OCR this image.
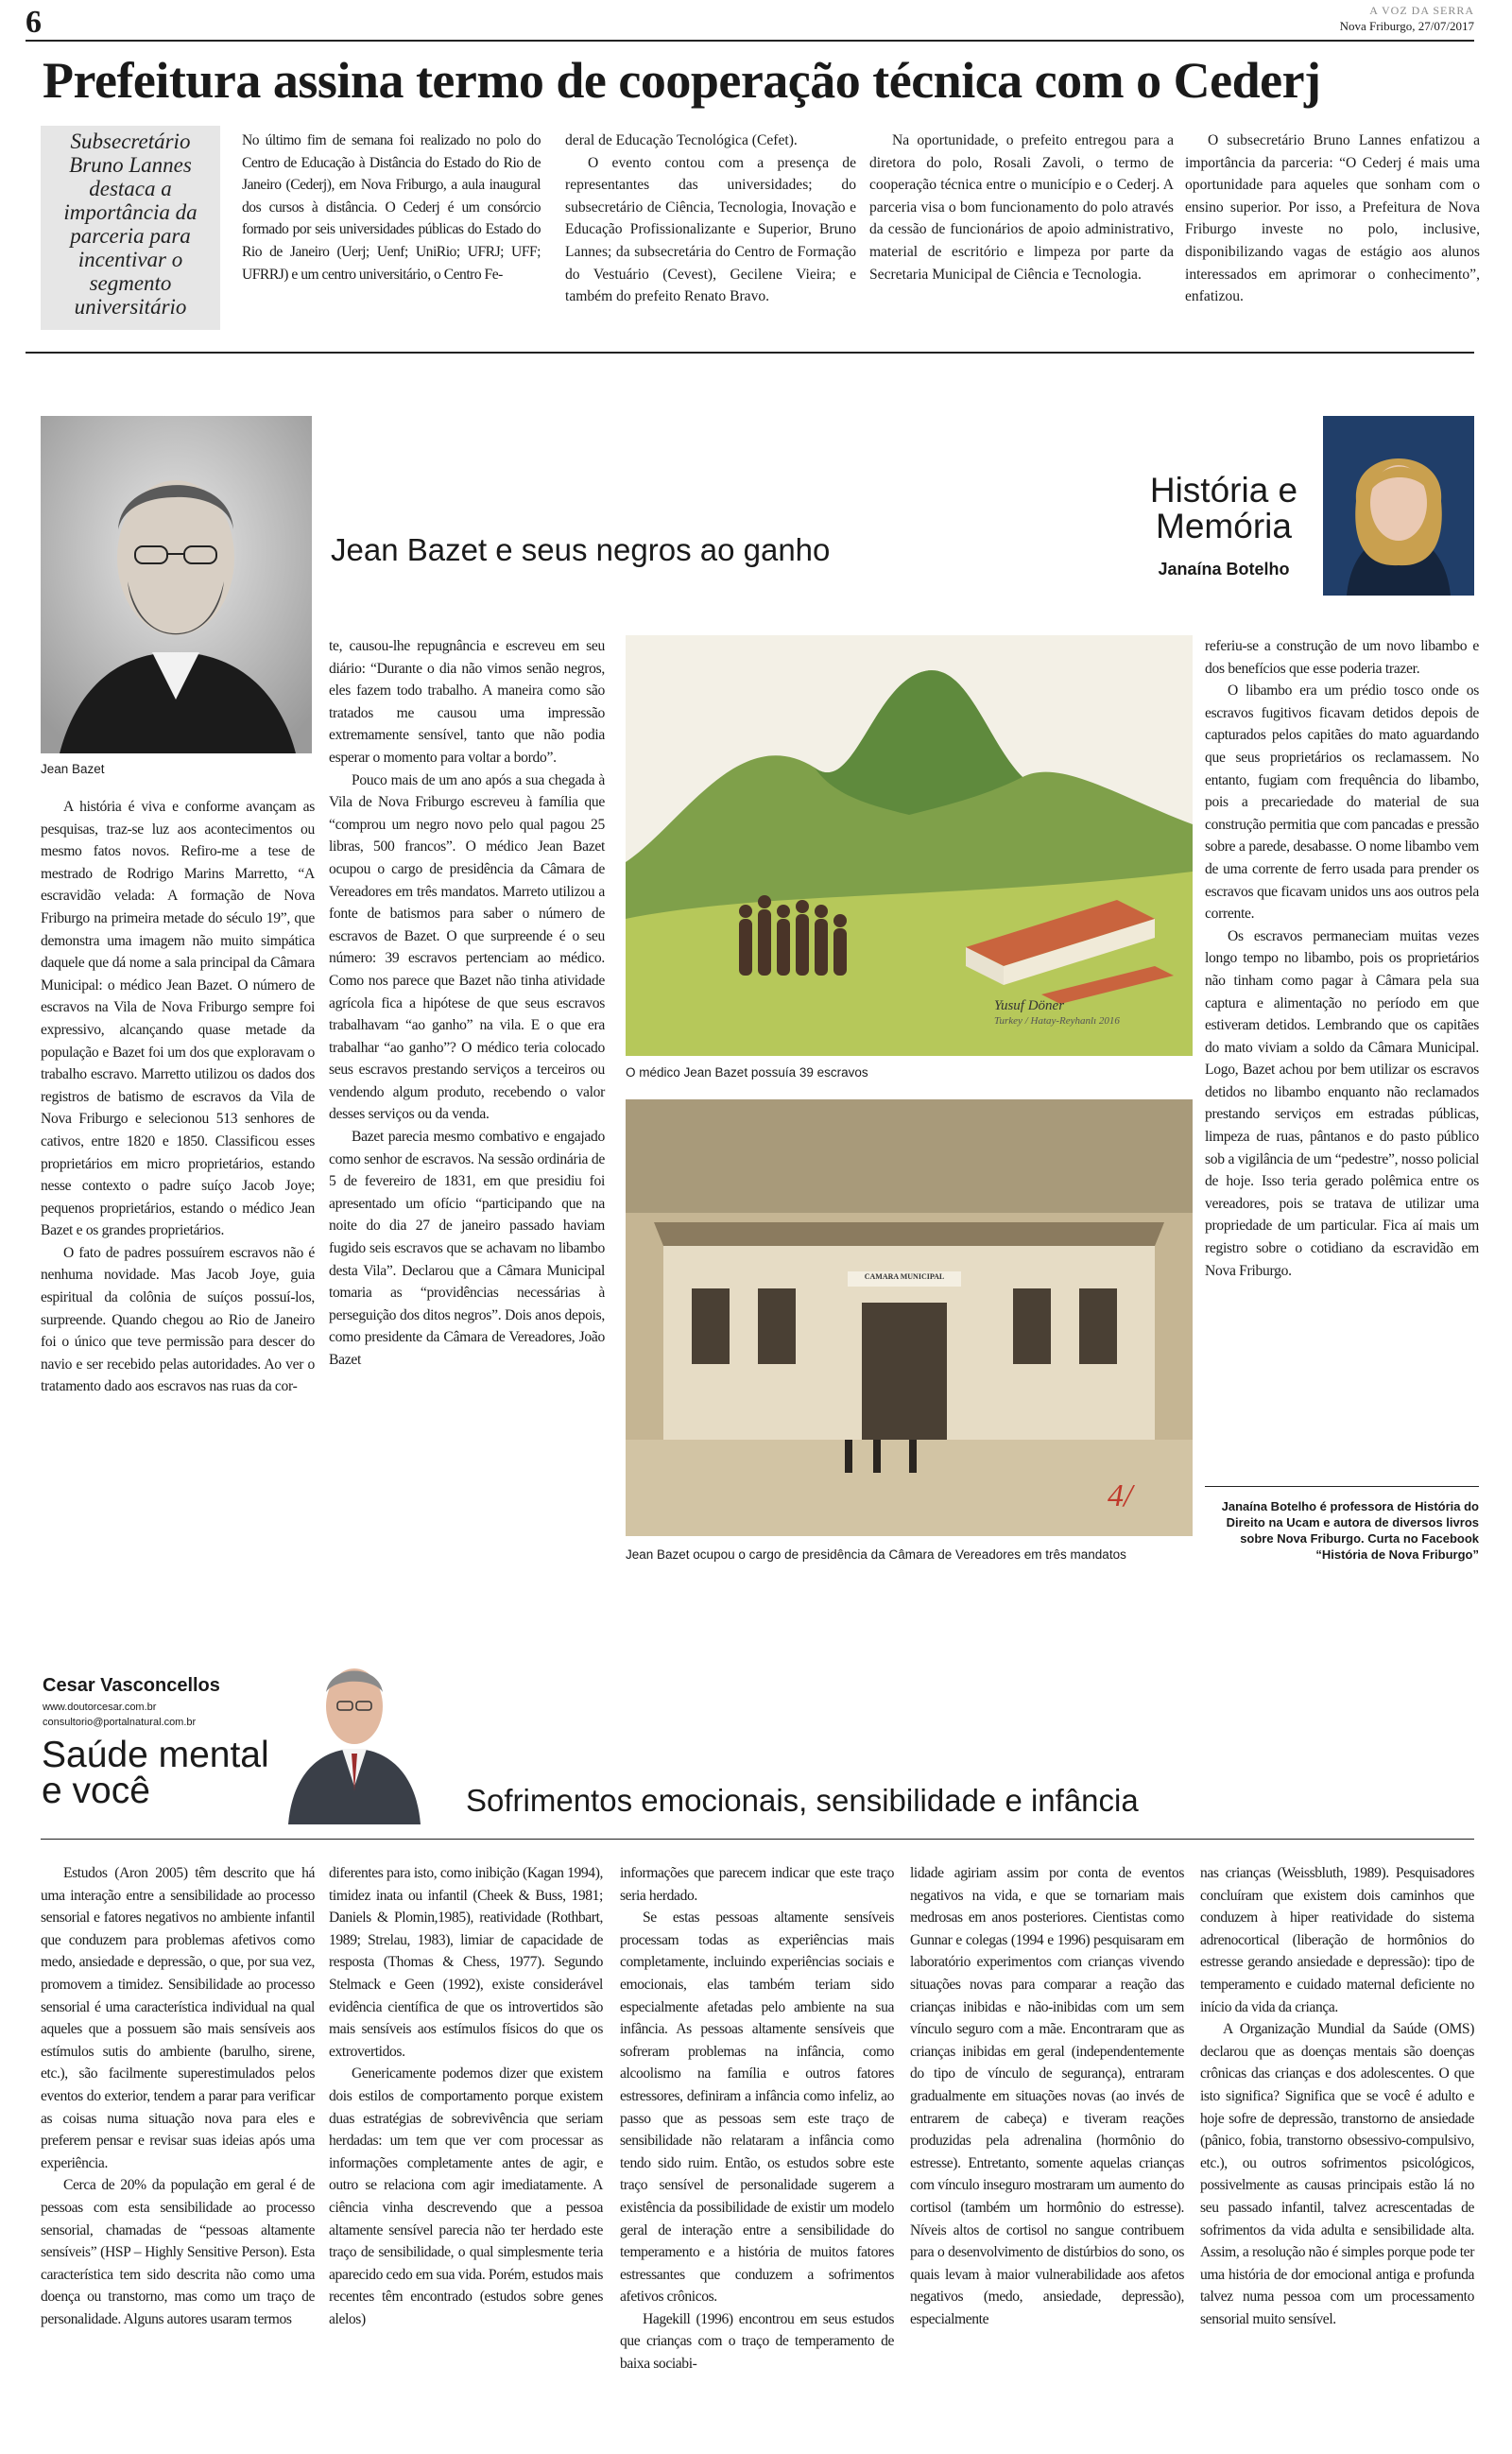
6	A VOZ DA SERRA
Nova Friburgo, 27/07/2017
Prefeitura assina termo de cooperação técnica com o Cederj
Subsecretário Bruno Lannes destaca a importância da parceria para incentivar o segmento universitário

No último fim de semana foi realizado no polo do Centro de Educação à Distância do Estado do Rio de Janeiro (Cederj), em Nova Friburgo, a aula inaugural dos cursos à distância. O Cederj é um consórcio formado por seis universidades públicas do Estado do Rio de Janeiro (Uerj; Uenf; UniRio; UFRJ; UFF; UFRRJ) e um centro universitário, o Centro Fe-

deral de Educação Tecnológica (Cefet).

O evento contou com a presença de representantes das universidades; do subsecretário de Ciência, Tecnologia, Inovação e Educação Profissionalizante e Superior, Bruno Lannes; da subsecretária do Centro de Formação do Vestuário (Cevest), Gecilene Vieira; e também do prefeito Renato Bravo.

Na oportunidade, o prefeito entregou para a diretora do polo, Rosali Zavoli, o termo de cooperação técnica entre o município e o Cederj. A parceria visa o bom funcionamento do polo através da cessão de funcionários de apoio administrativo, material de escritório e limpeza por parte da Secretaria Municipal de Ciência e Tecnologia.

O subsecretário Bruno Lannes enfatizou a importância da parceria: “O Cederj é mais uma oportunidade para aqueles que sonham com o ensino superior. Por isso, a Prefeitura de Nova Friburgo investe no polo, inclusive, disponibilizando vagas de estágio aos alunos interessados em aprimorar o conhecimento”, enfatizou.

Jean Bazet
Jean Bazet e seus negros ao ganho
História e
Memória
Janaína Botelho

A história é viva e conforme avançam as pesquisas, traz-se luz aos acontecimentos ou mesmo fatos novos. Refiro-me a tese de mestrado de Rodrigo Marins Marretto, “A escravidão velada: A formação de Nova Friburgo na primeira metade do século 19”, que demonstra uma imagem não muito simpática daquele que dá nome a sala principal da Câmara Municipal: o médico Jean Bazet. O número de escravos na Vila de Nova Friburgo sempre foi expressivo, alcançando quase metade da população e Bazet foi um dos que exploravam o trabalho escravo. Marretto utilizou os dados dos registros de batismo de escravos da Vila de Nova Friburgo e selecionou 513 senhores de cativos, entre 1820 e 1850. Classificou esses proprietários em micro proprietários, estando nesse contexto o padre suíço Jacob Joye; pequenos proprietários, estando o médico Jean Bazet e os grandes proprietários.

O fato de padres possuírem escravos não é nenhuma novidade. Mas Jacob Joye, guia espiritual da colônia de suíços possuí-los, surpreende. Quando chegou ao Rio de Janeiro foi o único que teve permissão para descer do navio e ser recebido pelas autoridades. Ao ver o tratamento dado aos escravos nas ruas da cor-

te, causou-lhe repugnância e escreveu em seu diário: “Durante o dia não vimos senão negros, eles fazem todo trabalho. A maneira como são tratados me causou uma impressão extremamente sensível, tanto que não podia esperar o momento para voltar a bordo”.

Pouco mais de um ano após a sua chegada à Vila de Nova Friburgo escreveu à família que “comprou um negro novo pelo qual pagou 25 libras, 500 francos”. O médico Jean Bazet ocupou o cargo de presidência da Câmara de Vereadores em três mandatos. Marreto utilizou a fonte de batismos para saber o número de escravos de Bazet. O que surpreende é o seu número: 39 escravos pertenciam ao médico. Como nos parece que Bazet não tinha atividade agrícola fica a hipótese de que seus escravos trabalhavam “ao ganho” na vila. E o que era trabalhar “ao ganho”? O médico teria colocado seus escravos prestando serviços a terceiros ou vendendo algum produto, recebendo o valor desses serviços ou da venda.

Bazet parecia mesmo combativo e engajado como senhor de escravos. Na sessão ordinária de 5 de fevereiro de 1831, em que presidiu foi apresentado um ofício “participando que na noite do dia 27 de janeiro passado haviam fugido seis escravos que se achavam no libambo desta Vila”. Declarou que a Câmara Municipal tomaria as “providências necessárias à perseguição dos ditos negros”. Dois anos depois, como presidente da Câmara de Vereadores, João Bazet

Yusuf Döner
Turkey / Hatay-Reyhanlı 2016
O médico Jean Bazet possuía 39 escravos
4/
CAMARA MUNICIPAL
Jean Bazet ocupou o cargo de presidência da Câmara de Vereadores em três mandatos

referiu-se a construção de um novo libambo e dos benefícios que esse poderia trazer.

O libambo era um prédio tosco onde os escravos fugitivos ficavam detidos depois de capturados pelos capitães do mato aguardando que seus proprietários os reclamassem. No entanto, fugiam com frequência do libambo, pois a precariedade do material de sua construção permitia que com pancadas e pressão sobre a parede, desabasse. O nome libambo vem de uma corrente de ferro usada para prender os escravos que ficavam unidos uns aos outros pela corrente.

Os escravos permaneciam muitas vezes longo tempo no libambo, pois os proprietários não tinham como pagar à Câmara pela sua captura e alimentação no período em que estiveram detidos. Lembrando que os capitães do mato viviam a soldo da Câmara Municipal. Logo, Bazet achou por bem utilizar os escravos detidos no libambo enquanto não reclamados prestando serviços em estradas públicas, limpeza de ruas, pântanos e do pasto público sob a vigilância de um “pedestre”, nosso policial de hoje. Isso teria gerado polêmica entre os vereadores, pois se tratava de utilizar uma propriedade de um particular. Fica aí mais um registro sobre o cotidiano da escravidão em Nova Friburgo.

Janaína Botelho é professora de História do Direito na Ucam e autora de diversos livros sobre Nova Friburgo. Curta no Facebook “História de Nova Friburgo”
Cesar Vasconcellos
www.doutorcesar.com.br
consultorio@portalnatural.com.br
Saúde mental
e você	Sofrimentos emocionais, sensibilidade e infância

Estudos (Aron 2005) têm descrito que há uma interação entre a sensibilidade ao processo sensorial e fatores negativos no ambiente infantil que conduzem para problemas afetivos como medo, ansiedade e depressão, o que, por sua vez, promovem a timidez. Sensibilidade ao processo sensorial é uma característica individual na qual aqueles que a possuem são mais sensíveis aos estímulos sutis do ambiente (barulho, sirene, etc.), são facilmente superestimulados pelos eventos do exterior, tendem a parar para verificar as coisas numa situação nova para eles e preferem pensar e revisar suas ideias após uma experiência.

Cerca de 20% da população em geral é de pessoas com esta sensibilidade ao processo sensorial, chamadas de “pessoas altamente sensíveis” (HSP – Highly Sensitive Person). Esta característica tem sido descrita não como uma doença ou transtorno, mas como um traço de personalidade. Alguns autores usaram termos

diferentes para isto, como inibição (Kagan 1994), timidez inata ou infantil (Cheek & Buss, 1981; Daniels & Plomin,1985), reatividade (Rothbart, 1989; Strelau, 1983), limiar de capacidade de resposta (Thomas & Chess, 1977). Segundo Stelmack e Geen (1992), existe considerável evidência científica de que os introvertidos são mais sensíveis aos estímulos físicos do que os extrovertidos.

Genericamente podemos dizer que existem dois estilos de comportamento porque existem duas estratégias de sobrevivência que seriam herdadas: um tem que ver com processar as informações completamente antes de agir, e outro se relaciona com agir imediatamente. A ciência vinha descrevendo que a pessoa altamente sensível parecia não ter herdado este traço de sensibilidade, o qual simplesmente teria aparecido cedo em sua vida. Porém, estudos mais recentes têm encontrado (estudos sobre genes alelos)

informações que parecem indicar que este traço seria herdado.

Se estas pessoas altamente sensíveis processam todas as experiências mais completamente, incluindo experiências sociais e emocionais, elas também teriam sido especialmente afetadas pelo ambiente na sua infância. As pessoas altamente sensíveis que sofreram problemas na infância, como alcoolismo na família e outros fatores estressores, definiram a infância como infeliz, ao passo que as pessoas sem este traço de sensibilidade não relataram a infância como tendo sido ruim. Então, os estudos sobre este traço sensível de personalidade sugerem a existência da possibilidade de existir um modelo geral de interação entre a sensibilidade do temperamento e a história de muitos fatores estressantes que conduzem a sofrimentos afetivos crônicos.

Hagekill (1996) encontrou em seus estudos que crianças com o traço de temperamento de baixa sociabi-

lidade agiriam assim por conta de eventos negativos na vida, e que se tornariam mais medrosas em anos posteriores. Cientistas como Gunnar e colegas (1994 e 1996) pesquisaram em laboratório experimentos com crianças vivendo situações novas para comparar a reação das crianças inibidas e não-inibidas com um sem vínculo seguro com a mãe. Encontraram que as crianças inibidas em geral (independentemente do tipo de vínculo de segurança), entraram gradualmente em situações novas (ao invés de entrarem de cabeça) e tiveram reações produzidas pela adrenalina (hormônio do estresse). Entretanto, somente aquelas crianças com vínculo inseguro mostraram um aumento do cortisol (também um hormônio do estresse). Níveis altos de cortisol no sangue contribuem para o desenvolvimento de distúrbios do sono, os quais levam à maior vulnerabilidade aos afetos negativos (medo, ansiedade, depressão), especialmente

nas crianças (Weissbluth, 1989). Pesquisadores concluíram que existem dois caminhos que conduzem à hiper reatividade do sistema adrenocortical (liberação de hormônios do estresse gerando ansiedade e depressão): tipo de temperamento e cuidado maternal deficiente no início da vida da criança.

A Organização Mundial da Saúde (OMS) declarou que as doenças mentais são doenças crônicas das crianças e dos adolescentes. O que isto significa? Significa que se você é adulto e hoje sofre de depressão, transtorno de ansiedade (pânico, fobia, transtorno obsessivo-compulsivo, etc.), ou outros sofrimentos psicológicos, possivelmente as causas principais estão lá no seu passado infantil, talvez acrescentadas de sofrimentos da vida adulta e sensibilidade alta. Assim, a resolução não é simples porque pode ter uma história de dor emocional antiga e profunda talvez numa pessoa com um processamento sensorial muito sensível.
